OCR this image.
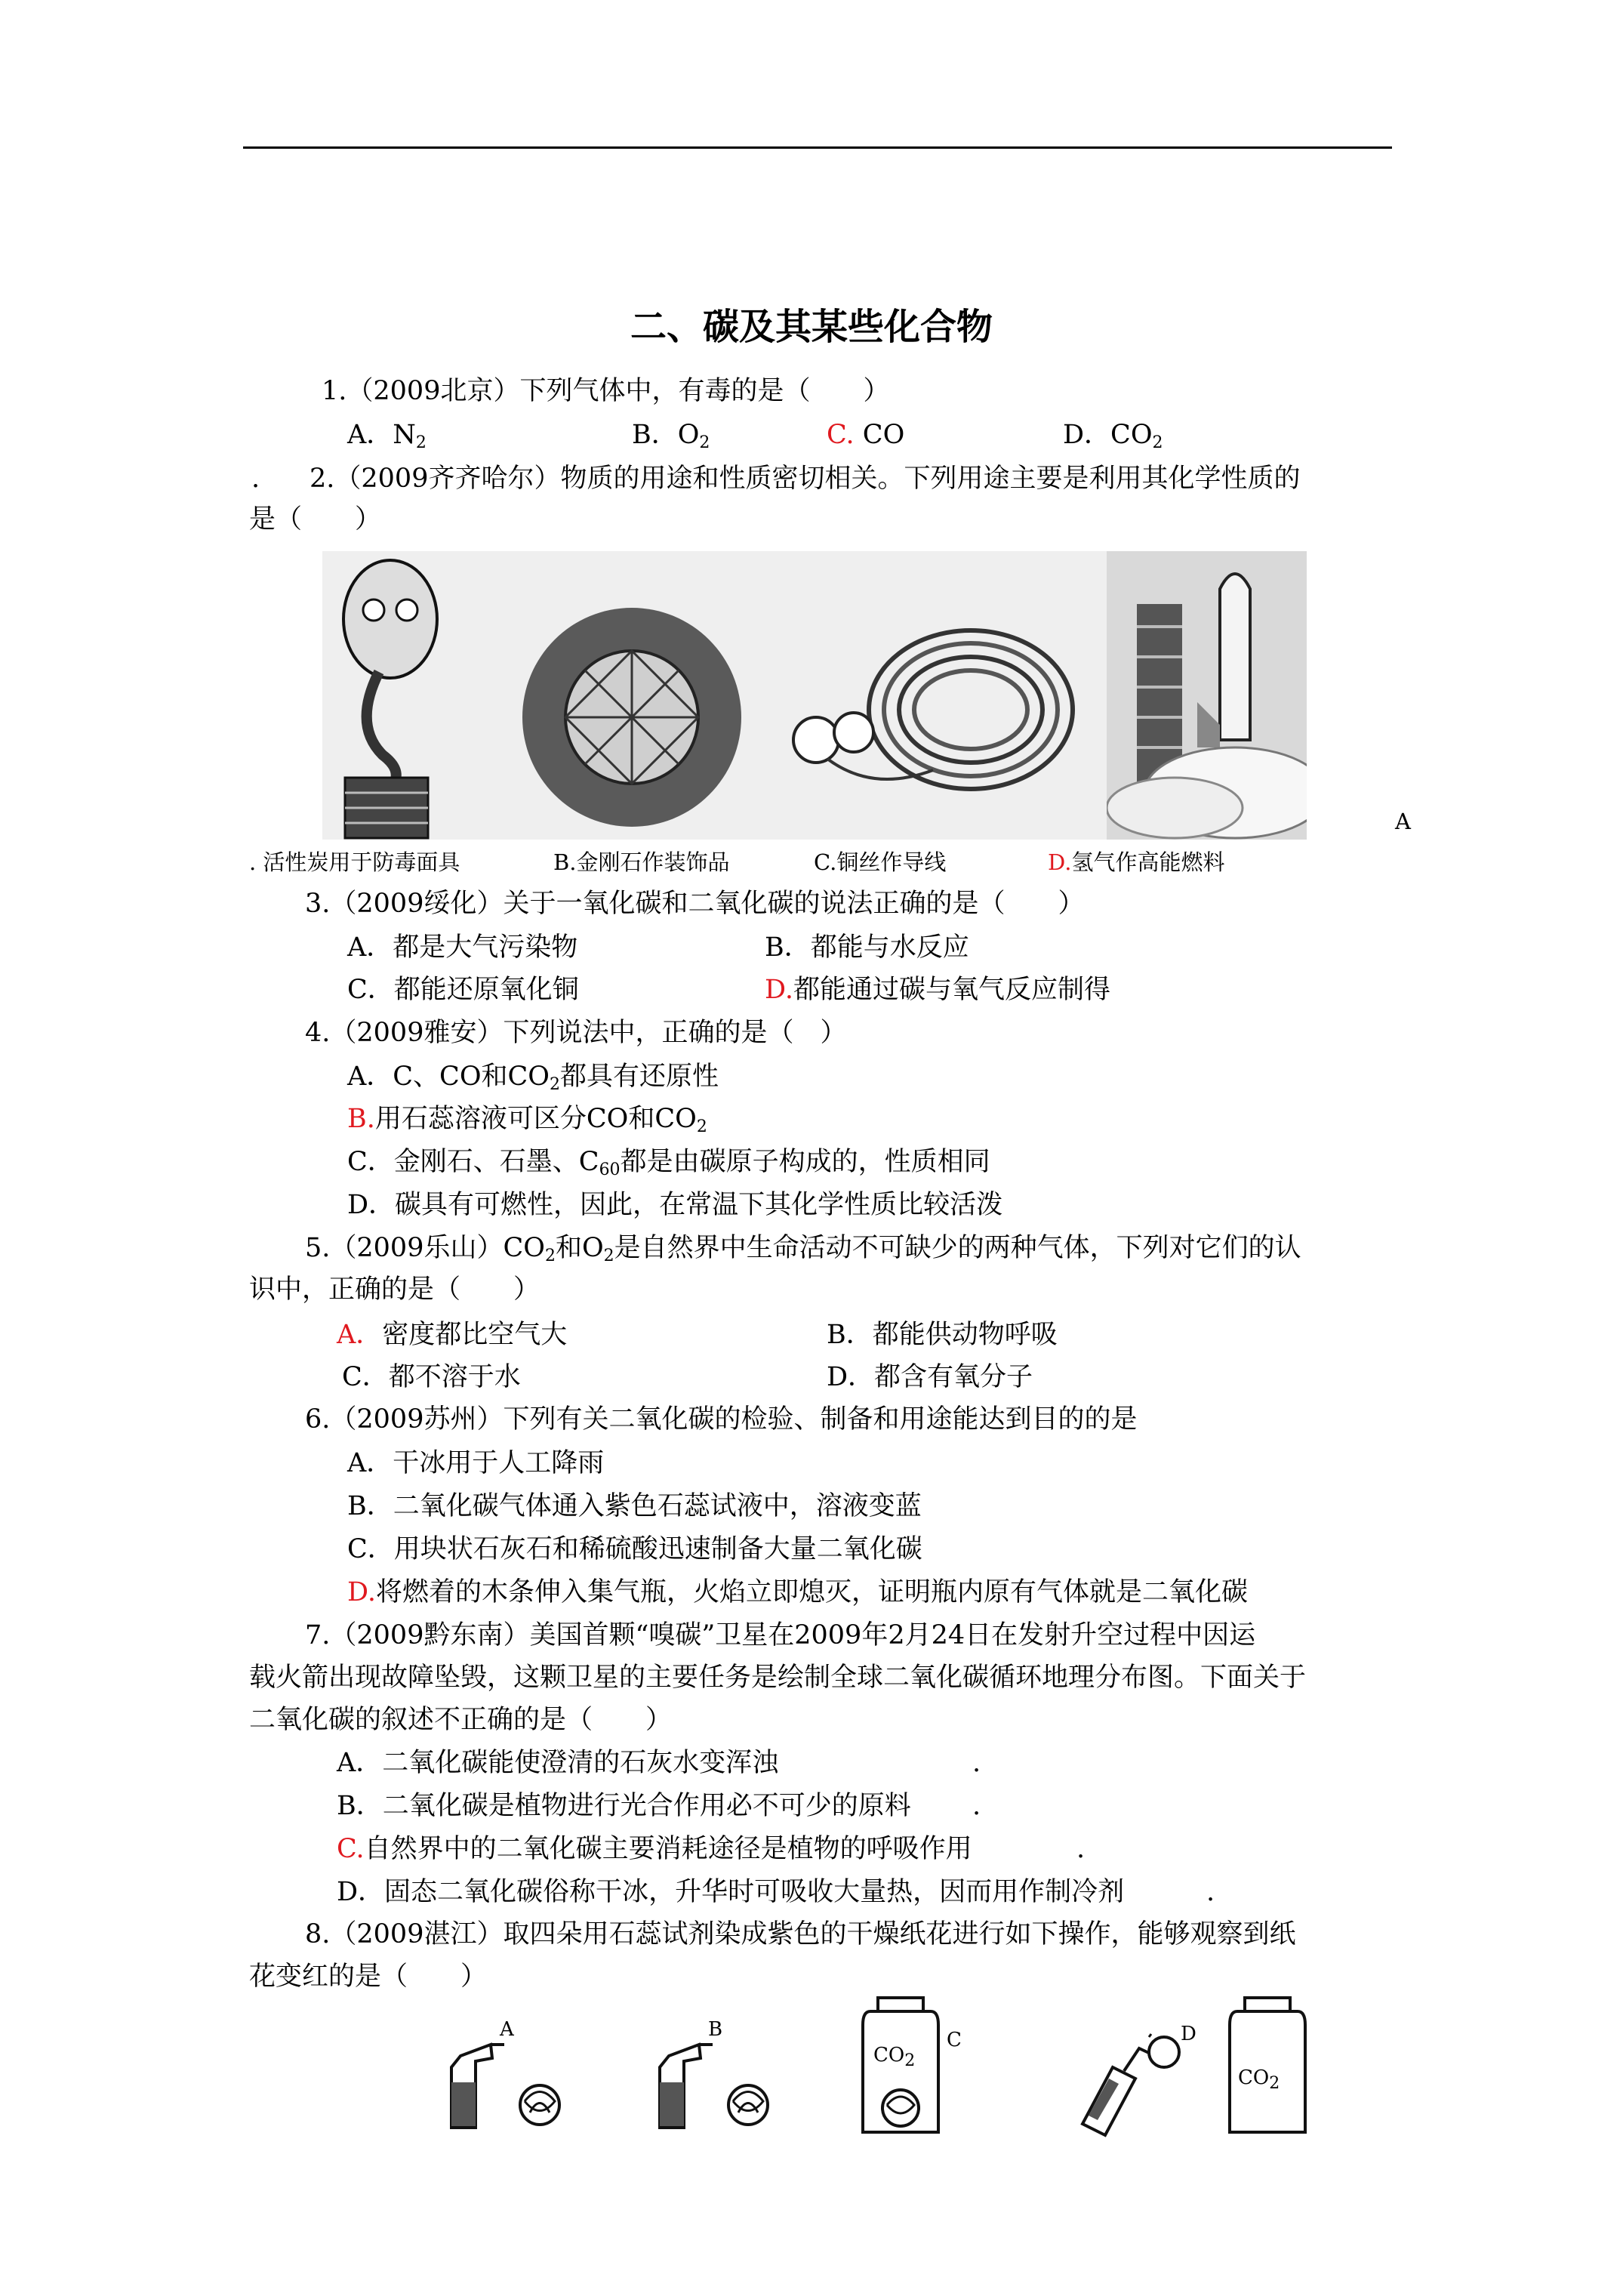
二、碳及其某些化合物
1.（2009北京）下列气体中，有毒的是（　　）
A．$N_2$	B．$O_2$	C. CO	D．$CO_2$
. 2.（2009齐齐哈尔）物质的用途和性质密切相关。下列用途主要是利用其化学性质的
是（　　）
A
. 活性炭用于防毒面具	B.金刚石作装饰品	C.铜丝作导线	D.氢气作高能燃料
3.（2009绥化）关于一氧化碳和二氧化碳的说法正确的是（　　）
A．都是大气污染物	B．都能与水反应
C．都能还原氧化铜	D.都能通过碳与氧气反应制得
4.（2009雅安）下列说法中，正确的是（　）
A．C、CO和$CO_2$都具有还原性
B.用石蕊溶液可区分CO和$CO_2$
C．金刚石、石墨、$C_{60}$都是由碳原子构成的，性质相同
D．碳具有可燃性，因此，在常温下其化学性质比较活泼
5.（2009乐山）$CO_2$和$O_2$是自然界中生命活动不可缺少的两种气体，下列对它们的认
识中，正确的是（　　）
A．密度都比空气大	B．都能供动物呼吸
C．都不溶于水	D．都含有氧分子
6.（2009苏州）下列有关二氧化碳的检验、制备和用途能达到目的的是
A．干冰用于人工降雨
B．二氧化碳气体通入紫色石蕊试液中，溶液变蓝
C．用块状石灰石和稀硫酸迅速制备大量二氧化碳
D.将燃着的木条伸入集气瓶，火焰立即熄灭，证明瓶内原有气体就是二氧化碳
7.（2009黔东南）美国首颗“嗅碳”卫星在2009年2月24日在发射升空过程中因运
载火箭出现故障坠毁，这颗卫星的主要任务是绘制全球二氧化碳循环地理分布图。下面关于
二氧化碳的叙述不正确的是（　　）
A．二氧化碳能使澄清的石灰水变浑浊	.
B．二氧化碳是植物进行光合作用必不可少的原料 .
C.自然界中的二氧化碳主要消耗途径是植物的呼吸作用	.
D．固态二氧化碳俗称干冰，升华时可吸收大量热，因而用作制冷剂	.
8.（2009湛江）取四朵用石蕊试剂染成紫色的干燥纸花进行如下操作，能够观察到纸
花变红的是（　　）
A	B
$CO_2$
C	D
$CO_2$
